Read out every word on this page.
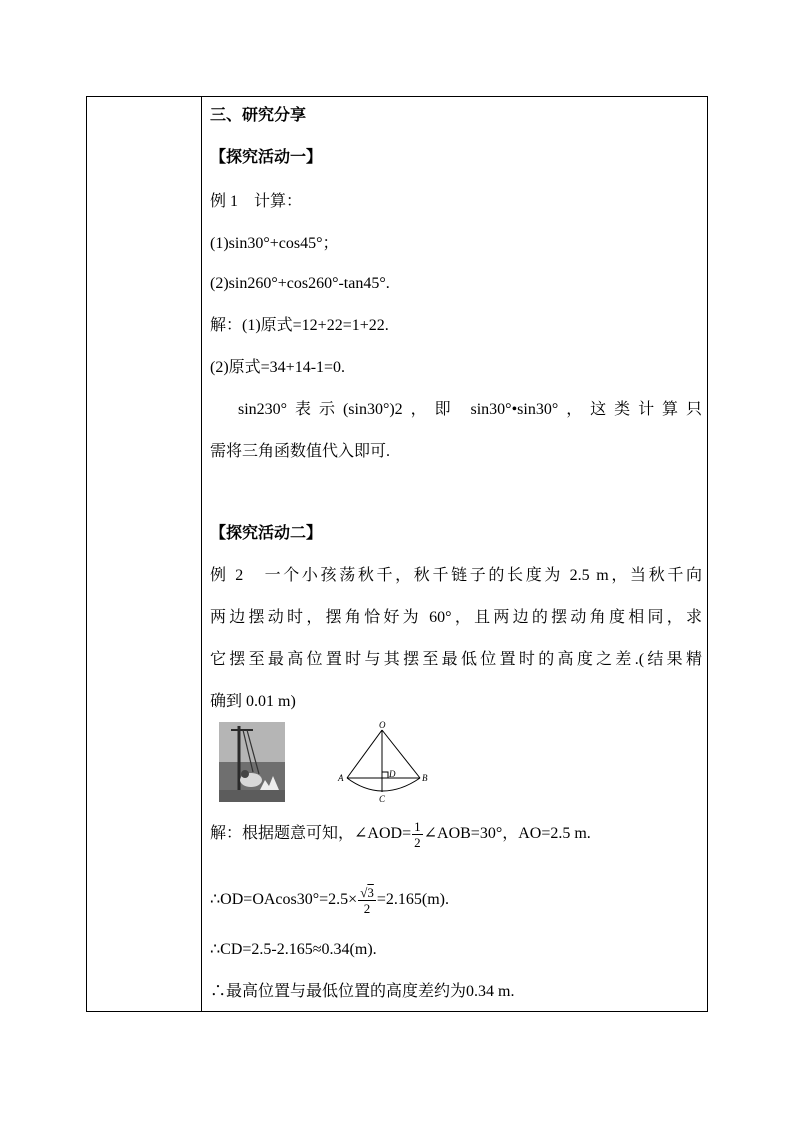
三、研究分享
【探究活动一】
例 1　计算：
(1)sin30°+cos45°；
(2)sin260°+cos260°-tan45°.
解：(1)原式=12+22=1+22.
(2)原式=34+14-1=0.
sin230°表示(sin30°)2，即 sin30°•sin30°，这类计算只
需将三角函数值代入即可.
【探究活动二】
例 2　一个小孩荡秋千，秋千链子的长度为 2.5 m，当秋千向
两边摆动时，摆角恰好为 60°，且两边的摆动角度相同，求
它摆至最高位置时与其摆至最低位置时的高度之差.(结果精
确到 0.01 m)
解：根据题意可知，∠AOD= $\frac{1}{2}$ ∠AOB=30°，AO=2.5 m.
∴OD=OAcos30°=2.5× $\frac{√3}{2} =2.165(m)$.
∴CD=2.5-2.165≈0.34(m).
∴最高位置与最低位置的高度差约为0.34 m.
O
A	B
C
D
